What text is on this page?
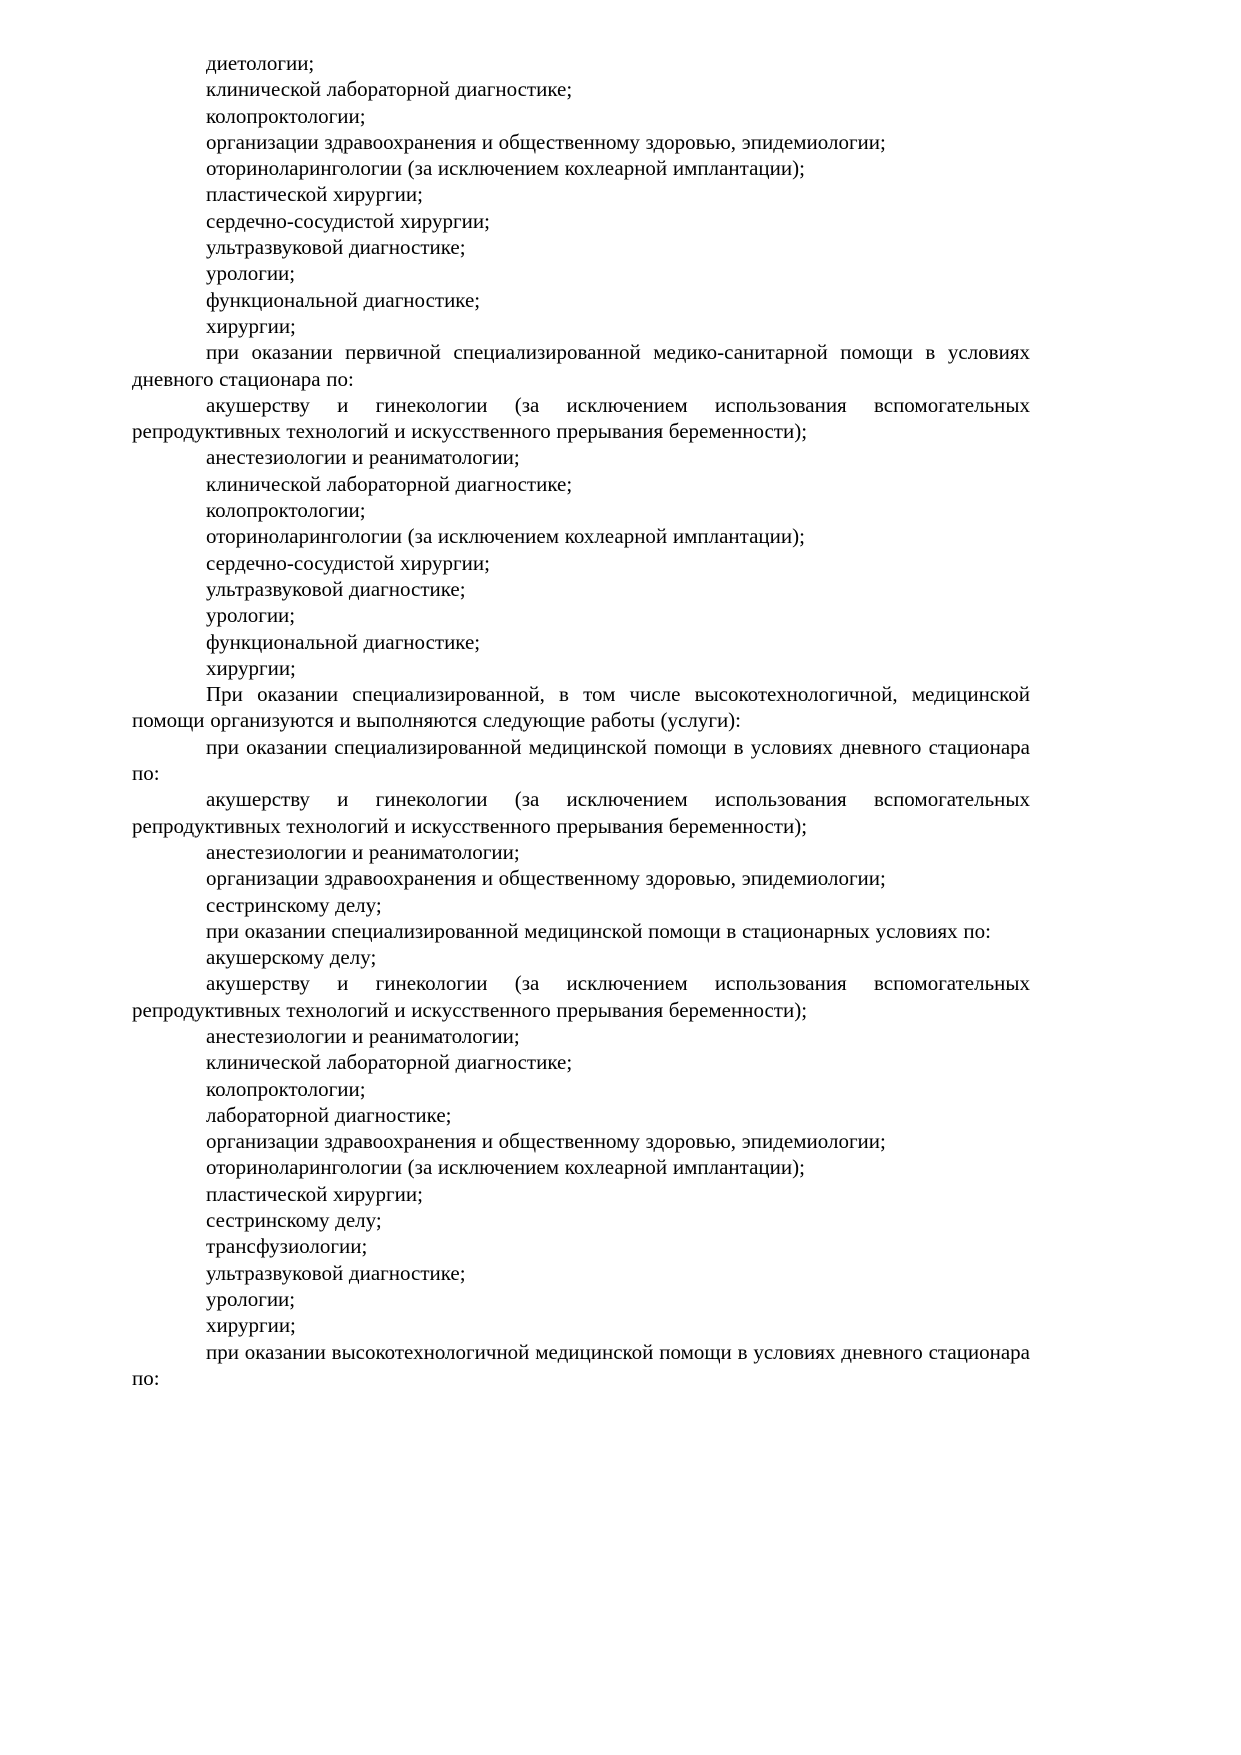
диетологии;

клинической лабораторной диагностике;

колопроктологии;

организации здравоохранения и общественному здоровью, эпидемиологии;

оториноларингологии (за исключением кохлеарной имплантации);

пластической хирургии;

сердечно-сосудистой хирургии;

ультразвуковой диагностике;

урологии;

функциональной диагностике;

хирургии;

при оказании первичной специализированной медико-санитарной помощи в условиях дневного стационара по:

акушерству и гинекологии (за исключением использования вспомогательных репродуктивных технологий и искусственного прерывания беременности);

анестезиологии и реаниматологии;

клинической лабораторной диагностике;

колопроктологии;

оториноларингологии (за исключением кохлеарной имплантации);

сердечно-сосудистой хирургии;

ультразвуковой диагностике;

урологии;

функциональной диагностике;

хирургии;

При оказании специализированной, в том числе высокотехнологичной, медицинской помощи организуются и выполняются следующие работы (услуги):

при оказании специализированной медицинской помощи в условиях дневного стационара по:

акушерству и гинекологии (за исключением использования вспомогательных репродуктивных технологий и искусственного прерывания беременности);

анестезиологии и реаниматологии;

организации здравоохранения и общественному здоровью, эпидемиологии;

сестринскому делу;

при оказании специализированной медицинской помощи в стационарных условиях по:

акушерскому делу;

акушерству и гинекологии (за исключением использования вспомогательных репродуктивных технологий и искусственного прерывания беременности);

анестезиологии и реаниматологии;

клинической лабораторной диагностике;

колопроктологии;

лабораторной диагностике;

организации здравоохранения и общественному здоровью, эпидемиологии;

оториноларингологии (за исключением кохлеарной имплантации);

пластической хирургии;

сестринскому делу;

трансфузиологии;

ультразвуковой диагностике;

урологии;

хирургии;

при оказании высокотехнологичной медицинской помощи в условиях дневного стационара по:
